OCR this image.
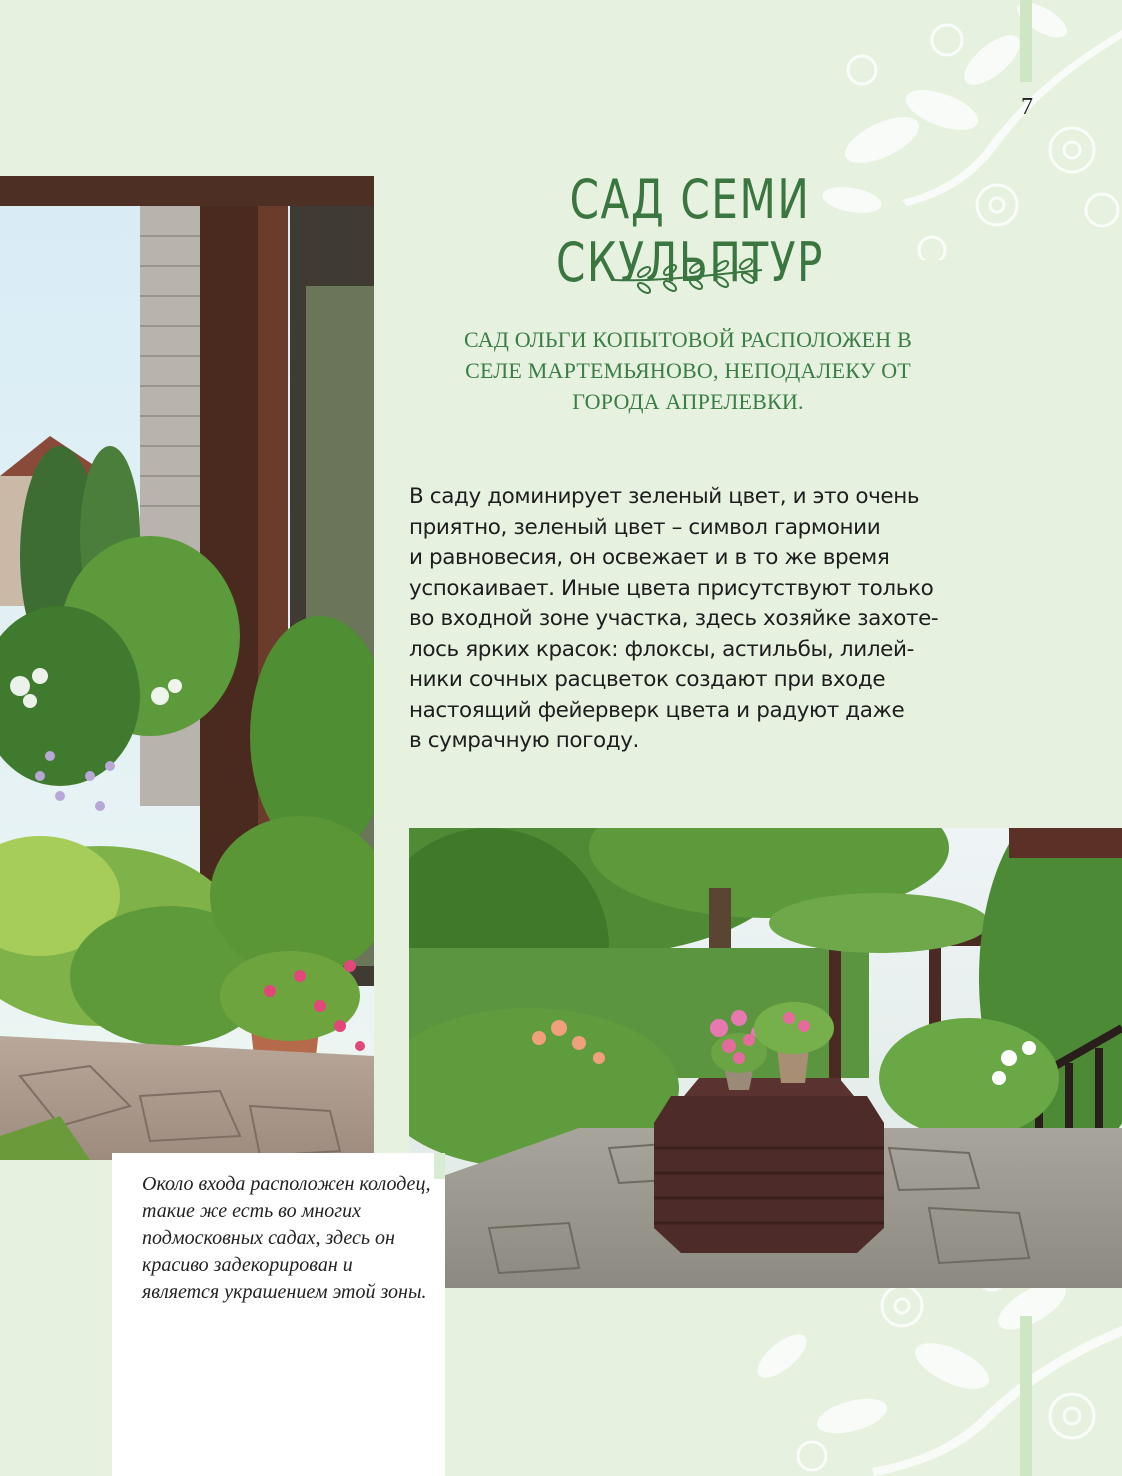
7
САД СЕМИ СКУЛЬПТУР

САД ОЛЬГИ КОПЫТОВОЙ РАСПОЛОЖЕН В СЕЛЕ МАРТЕМЬЯНОВО, НЕПОДАЛЕКУ ОТ ГОРОДА АПРЕЛЕВКИ.

В саду доминирует зеленый цвет, и это очень
приятно, зеленый цвет – символ гармонии
и равновесия, он освежает и в то же время
успокаивает. Иные цвета присутствуют только
во входной зоне участка, здесь хозяйке захоте-
лось ярких красок: флоксы, астильбы, лилей-
ники сочных расцветок создают при входе
настоящий фейерверк цвета и радуют даже
в сумрачную погоду.

Около входа расположен колодец, такие же есть во многих подмосковных садах, здесь он красиво задекорирован и является украшением этой зоны.
